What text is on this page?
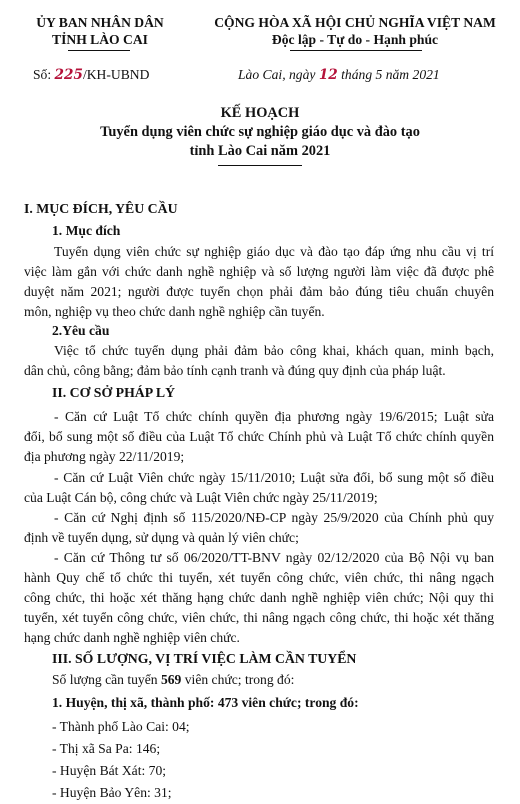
ỦY BAN NHÂN DÂN
TỈNH LÀO CAI
CỘNG HÒA XÃ HỘI CHỦ NGHĨA VIỆT NAM
Độc lập - Tự do - Hạnh phúc
Số: 225/KH-UBND	Lào Cai, ngày 12 tháng 5 năm 2021
KẾ HOẠCH
Tuyển dụng viên chức sự nghiệp giáo dục và đào tạo
tỉnh Lào Cai năm 2021
I. MỤC ĐÍCH, YÊU CẦU
1. Mục đích
Tuyển dụng viên chức sự nghiệp giáo dục và đào tạo đáp ứng nhu cầu vị trí
việc làm gắn với chức danh nghề nghiệp và số lượng người làm việc đã được phê
duyệt năm 2021; người được tuyển chọn phải đảm bảo đúng tiêu chuẩn chuyên
môn, nghiệp vụ theo chức danh nghề nghiệp cần tuyển.
2.Yêu cầu
Việc tổ chức tuyển dụng phải đảm bảo công khai, khách quan, minh bạch,
dân chủ, công bằng; đảm bảo tính cạnh tranh và đúng quy định của pháp luật.
II. CƠ SỞ PHÁP LÝ
- Căn cứ Luật Tổ chức chính quyền địa phương ngày 19/6/2015; Luật sửa
đổi, bổ sung một số điều của Luật Tổ chức Chính phủ và Luật Tổ chức chính quyền
địa phương ngày 22/11/2019;
- Căn cứ Luật Viên chức ngày 15/11/2010; Luật sửa đổi, bổ sung một số điều
của Luật Cán bộ, công chức và Luật Viên chức ngày 25/11/2019;
- Căn cứ Nghị định số 115/2020/NĐ-CP ngày 25/9/2020 của Chính phủ quy
định về tuyển dụng, sử dụng và quản lý viên chức;
- Căn cứ Thông tư số 06/2020/TT-BNV ngày 02/12/2020 của Bộ Nội vụ ban
hành Quy chế tổ chức thi tuyển, xét tuyển công chức, viên chức, thi nâng ngạch
công chức, thi hoặc xét thăng hạng chức danh nghề nghiệp viên chức; Nội quy thi
tuyển, xét tuyển công chức, viên chức, thi nâng ngạch công chức, thi hoặc xét thăng
hạng chức danh nghề nghiệp viên chức.
III. SỐ LƯỢNG, VỊ TRÍ VIỆC LÀM CẦN TUYỂN
Số lượng cần tuyển 569 viên chức; trong đó:
1. Huyện, thị xã, thành phố: 473 viên chức; trong đó:
- Thành phố Lào Cai: 04;
- Thị xã Sa Pa: 146;
- Huyện Bát Xát: 70;
- Huyện Bảo Yên: 31;
